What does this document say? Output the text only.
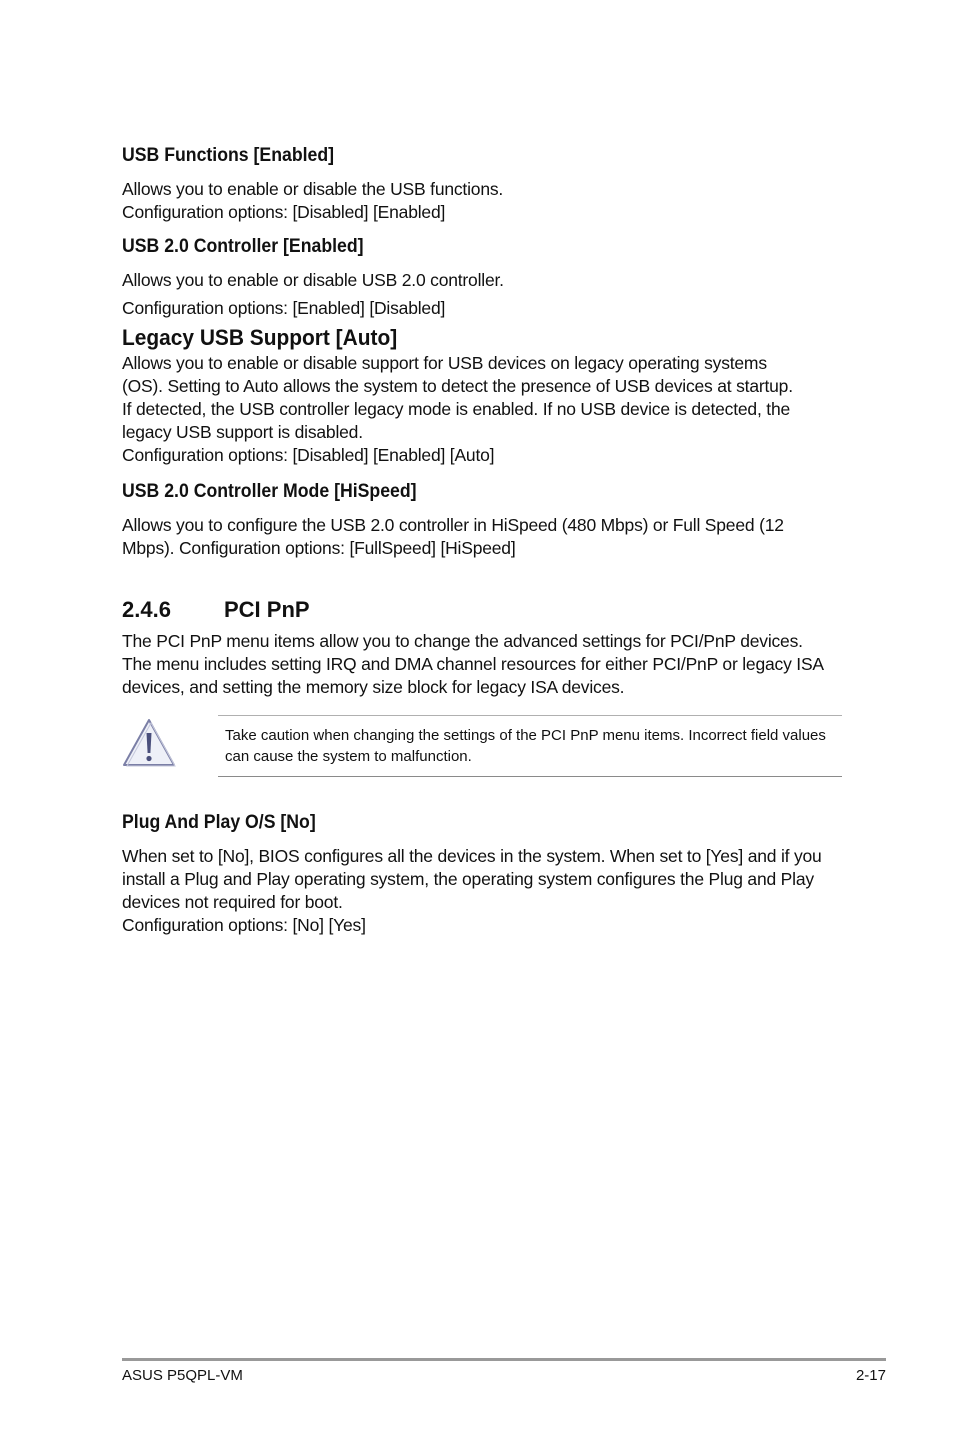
USB Functions [Enabled]

Allows you to enable or disable the USB functions.

Configuration options: [Disabled] [Enabled]

USB 2.0 Controller [Enabled]

Allows you to enable or disable USB 2.0 controller.

Configuration options: [Enabled] [Disabled]

Legacy USB Support [Auto]

Allows you to enable or disable support for USB devices on legacy operating systems

(OS). Setting to Auto allows the system to detect the presence of USB devices at startup.

If detected, the USB controller legacy mode is enabled. If no USB device is detected, the

legacy USB support is disabled.

Configuration options: [Disabled] [Enabled] [Auto]

USB 2.0 Controller Mode [HiSpeed]

Allows you to configure the USB 2.0 controller in HiSpeed (480 Mbps) or Full Speed (12

Mbps). Configuration options: [FullSpeed] [HiSpeed]

2.4.6	PCI PnP

The PCI PnP menu items allow you to change the advanced settings for PCI/PnP devices.

The menu includes setting IRQ and DMA channel resources for either PCI/PnP or legacy ISA

devices, and setting the memory size block for legacy ISA devices.

Take caution when changing the settings of the PCI PnP menu items. Incorrect field values
can cause the system to malfunction.
Plug And Play O/S [No]

When set to [No], BIOS configures all the devices in the system. When set to [Yes] and if you

install a Plug and Play operating system, the operating system configures the Plug and Play

devices not required for boot.

Configuration options: [No] [Yes]

ASUS P5QPL-VM	2-17
